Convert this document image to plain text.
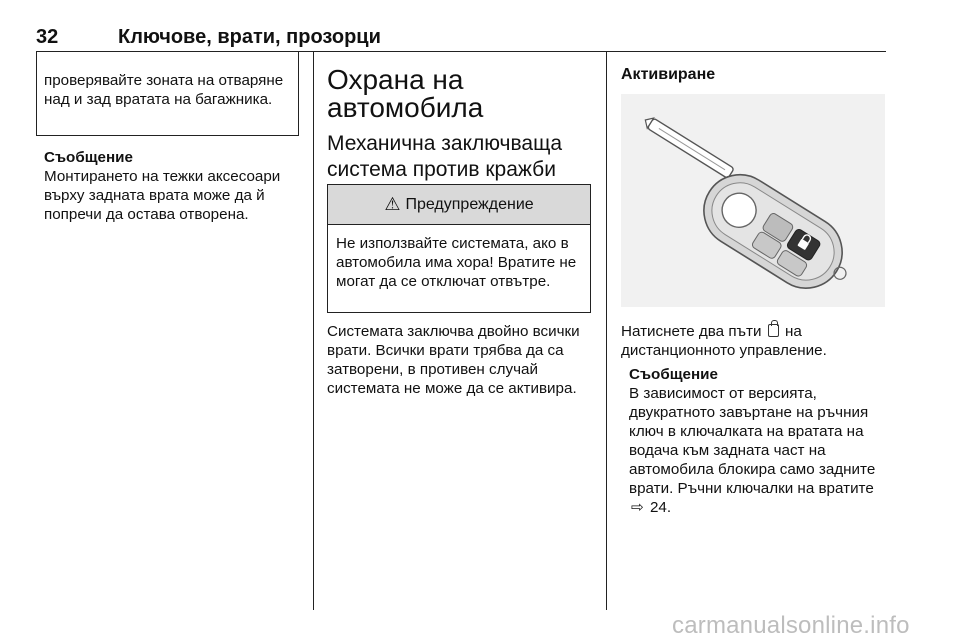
32	Ключове, врати, прозорци
проверявайте зоната на отваряне над и зад вратата на багажника.
Съобщение
Монтирането на тежки аксесоари върху задната врата може да й попречи да остава отворена.
Охрана на автомобила
Механична заключваща система против кражби
⚠ Предупреждение
Не използвайте системата, ако в автомобила има хора! Вратите не могат да се отключат отвътре.
Системата заключва двойно всички врати. Всички врати трябва да са затворени, в противен случай системата не може да се активира.
Активиране
Натиснете два пъти на дистанционното управление.
Съобщение
В зависимост от версията, двукратното завъртане на ръчния ключ в ключалката на вратата на водача към задната част на автомобила блокира само задните врати. Ръчни ключалки на вратите ⇨ 24.
carmanualsonline.info
